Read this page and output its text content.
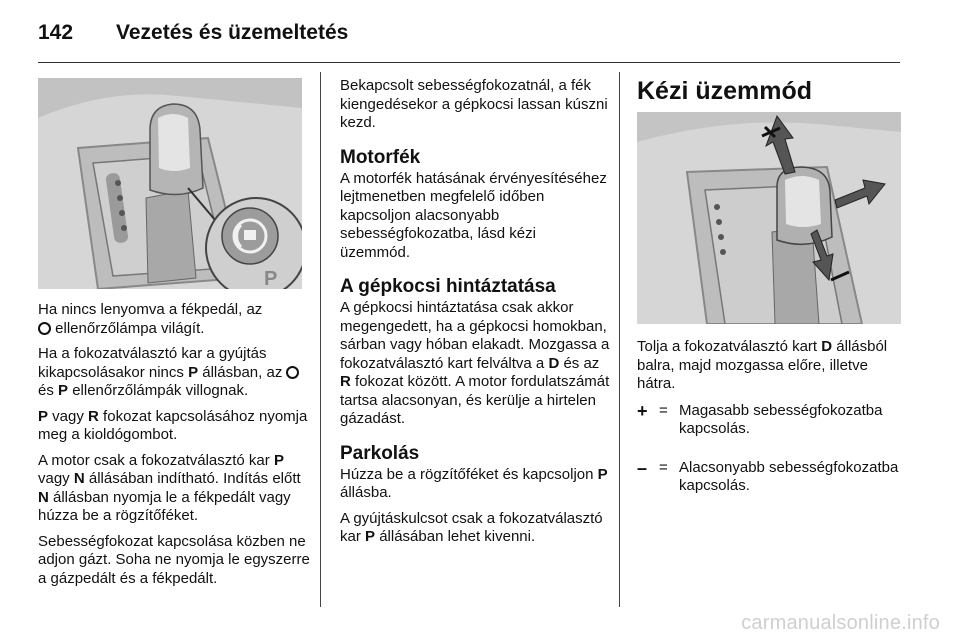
142 Vezetés és üzemeltetés
P

Ha nincs lenyomva a fékpedál, az
ellenőrzőlámpa világít.

Ha a fokozatválasztó kar a gyújtás kikapcsolásakor nincs P állásban, az  és P ellenőrzőlámpák villognak.

P vagy R fokozat kapcsolásához nyomja meg a kioldógombot.

A motor csak a fokozatválasztó kar P vagy N állásában indítható. Indítás előtt N állásban nyomja le a fékpedált vagy húzza be a rögzítőféket.

Sebességfokozat kapcsolása közben ne adjon gázt. Soha ne nyomja le egyszerre a gázpedált és a fékpedált.

Bekapcsolt sebességfokozatnál, a fék kiengedésekor a gépkocsi lassan kúszni kezd.

Motorfék

A motorfék hatásának érvényesítéséhez lejtmenetben megfelelő időben kapcsoljon alacsonyabb sebességfokozatba, lásd kézi üzemmód.

A gépkocsi hintáztatása

A gépkocsi hintáztatása csak akkor megengedett, ha a gépkocsi homokban, sárban vagy hóban elakadt. Mozgassa a fokozatválasztó kart felváltva a D és az R fokozat között. A motor fordulatszámát tartsa alacsonyan, és kerülje a hirtelen gázadást.

Parkolás

Húzza be a rögzítőféket és kapcsoljon P állásba.

A gyújtáskulcsot csak a fokozatválasztó kar P állásában lehet kivenni.

Kézi üzemmód

Tolja a fokozatválasztó kart D állásból balra, majd mozgassa előre, illetve hátra.

+ = Magasabb sebességfokozatba kapcsolás.
– = Alacsonyabb sebességfokozatba kapcsolás.
carmanualsonline.info
